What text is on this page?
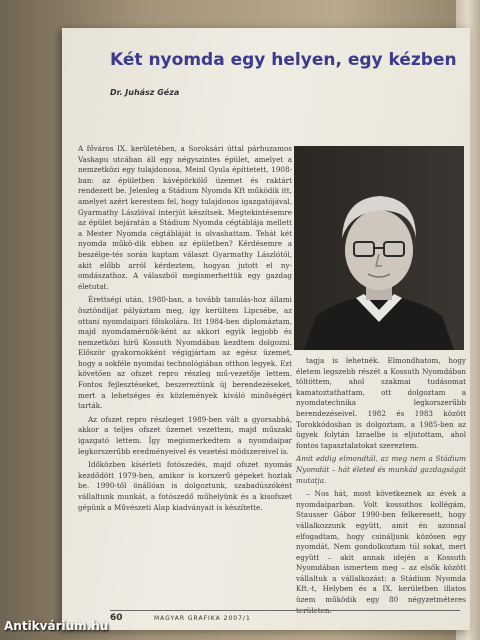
Két nyomda egy helyen, egy kézben
Dr. Juhász Géza

A főváros IX. kerületében, a Soroksári úttal párhuzamos Vaskapu utcában áll egy négyszintes épület, amelyet a nemzetközi egy tulajdonosa, Meinl Gyula építtetett, 1908-ban: az épületben kávépörkölő üzemet és raktárt rendezett be. Jelenleg a Stádium Nyomda Kft működik itt, amelyet azért kerestem fel, hogy tulajdonos igazgatójával, Gyarmathy Lászlóval interjút készítsek. Megtekintésemre az épület bejáratán a Stádium Nyomda cégtáblája mellett a Mester Nyomda cégtábláját is olvashattam. Tehát két nyomda műkö-dik ebben az épületben? Kérdésemre a beszélge-tés során kaptam választ Gyarmathy Lászlótól, akit előbb arról kérdeztem, hogyan jutott el ny-omdászathoz. A válaszból megismerhettük egy gazdag életutat.

Érettségi után, 1980-ban, a tovább tanulás-hoz állami ösztöndíjat pályáztam meg, így kerültem Lipcsébe, az ottani nyomdaipari főiskolára. Itt 1984-ben diplomáztam, majd nyomdamérnök-ként az akkori egyik legjobb és nemzetközi hírű Kossuth Nyomdában kezdtem dolgozni. Először gyakornokként végigjártam az egész üzemet, hogy a sokféle nyomdai technológiában otthon legyek. Ezt követően az ofszet repro részleg mű-vezetője lettem. Fontos fejlesztéseket, beszereztünk új berendezéseket, mert a lehetséges és közlemények kiváló minőségért tarták.

Az ofszet repro részleget 1989-ben vált a gyorsabbá, akkor a teljes ofszet üzemet vezettem, majd műszaki igazgató lettem. Így megismerkedtem a nyomdaipar legkorszerűbb eredményeivel és vezetési módszereivel is.

Időközben kísérleti fotószedés, majd ofszet nyomás kezdődött 1979-ben, amikor is korszerű gépeket hoztak be. 1990-től önállóan is dolgoztunk, szabadúszóként vállaltunk munkát, a fotószedő műhelyünk és a kisofszet gépünk a Művészeti Alap kiadványait is készítette.

tagja is lehetnék. Elmondhatom, hogy életem legszebb részét a Kossuth Nyomdában töltöttem, ahol szakmai tudásomat kamatoztathattam, ott dolgoztam a nyomdatechnika legkorszerűbb berendezéseivel. 1982 és 1983 között Torokkódosban is dolgoztam, a 1985-ben az ügyek folytán Izraelbe is eljutottam, ahol fontos tapasztalatokat szereztem.

Amit eddig elmondtál, az meg nem a Stádium Nyomdát – hát életed és munkád gazdagságát mutatja.

– Nos hát, most következnek az évek a nyomdaiparban. Volt kossuthos kollégám, Stausser Gábor 1990-ben felkeresett, hogy vállalkozzunk együtt, amit én azonnal elfogadtam, hogy csináljunk közösen egy nyomdát. Nem gondolkoztam túl sokat, mert együtt – akit annak idején a Kossuth Nyomdában ismertem meg – az elsők között vállaltuk a vállalkozást: a Stádium Nyomda Kft.-t, Helyben és a IX. kerületben illatos üzem működik egy 80 négyzetméteres területen.

60	MAGYAR GRAFIKA 2007/1
Antikvárium.hu
